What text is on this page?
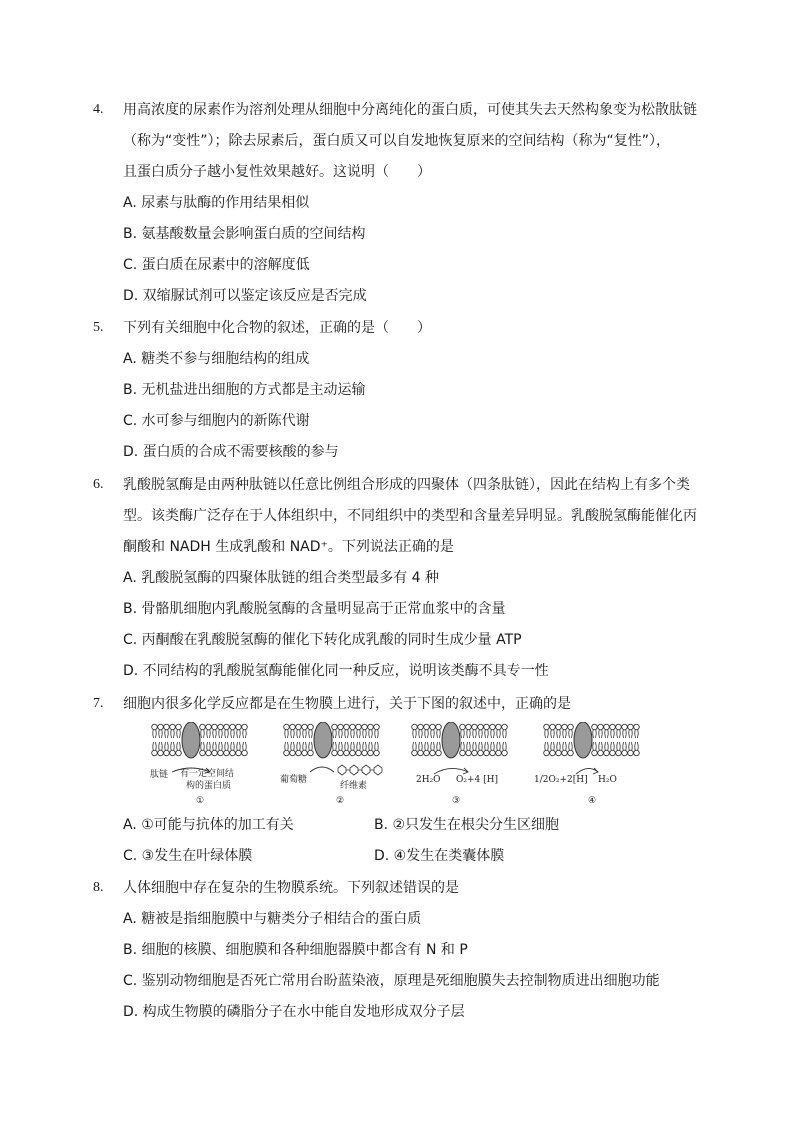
4.	用高浓度的尿素作为溶剂处理从细胞中分离纯化的蛋白质，可使其失去天然构象变为松散肽链
（称为“变性”）；除去尿素后，蛋白质又可以自发地恢复原来的空间结构（称为“复性”），
且蛋白质分子越小复性效果越好。这说明（　　）
A. 尿素与肽酶的作用结果相似
B. 氨基酸数量会影响蛋白质的空间结构
C. 蛋白质在尿素中的溶解度低
D. 双缩脲试剂可以鉴定该反应是否完成
5.	下列有关细胞中化合物的叙述，正确的是（　　）
A. 糖类不参与细胞结构的组成
B. 无机盐进出细胞的方式都是主动运输
C. 水可参与细胞内的新陈代谢
D. 蛋白质的合成不需要核酸的参与
6.	乳酸脱氢酶是由两种肽链以任意比例组合形成的四聚体（四条肽链），因此在结构上有多个类
型。该类酶广泛存在于人体组织中，不同组织中的类型和含量差异明显。乳酸脱氢酶能催化丙
酮酸和 NADH 生成乳酸和 NAD⁺。下列说法正确的是
A. 乳酸脱氢酶的四聚体肽链的组合类型最多有 4 种
B. 骨骼肌细胞内乳酸脱氢酶的含量明显高于正常血浆中的含量
C. 丙酮酸在乳酸脱氢酶的催化下转化成乳酸的同时生成少量 ATP
D. 不同结构的乳酸脱氢酶能催化同一种反应，说明该类酶不具专一性
7.	细胞内很多化学反应都是在生物膜上进行，关于下图的叙述中，正确的是
肽链 有一定空间结
构的蛋白质
①
葡萄糖
纤维素
②
2H₂O O₂+4 [H]
③
1/2O₂+2[H] H₂O
④
A. ①可能与抗体的加工有关	B. ②只发生在根尖分生区细胞
C. ③发生在叶绿体膜	D. ④发生在类囊体膜
8.	人体细胞中存在复杂的生物膜系统。下列叙述错误的是
A. 糖被是指细胞膜中与糖类分子相结合的蛋白质
B. 细胞的核膜、细胞膜和各种细胞器膜中都含有 N 和 P
C. 鉴别动物细胞是否死亡常用台盼蓝染液，原理是死细胞膜失去控制物质进出细胞功能
D. 构成生物膜的磷脂分子在水中能自发地形成双分子层
